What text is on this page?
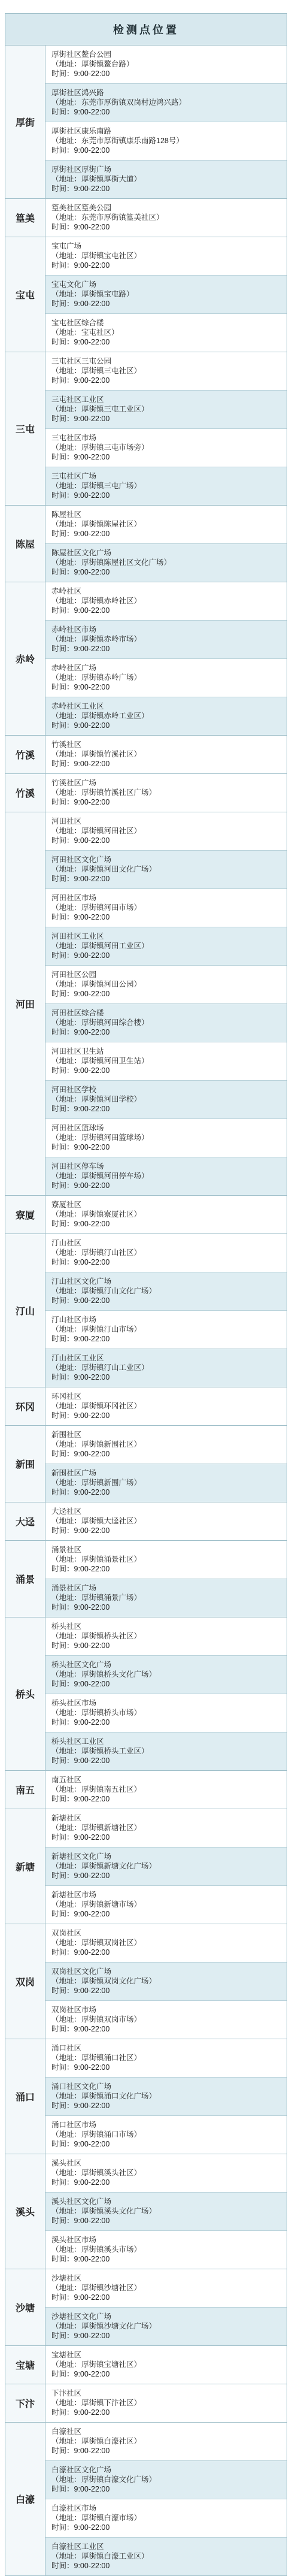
检测点位置
厚街

厚街社区鳌台公园

（地址：厚街镇鳌台路）

时间：9:00-22:00

厚街社区鸿兴路

（地址：东莞市厚街镇双岗村边鸿兴路）

时间：9:00-22:00

厚街社区康乐南路

（地址：东莞市厚街镇康乐南路128号）

时间：9:00-22:00

厚街社区厚街广场

（地址：厚街镇厚街大道）

时间：9:00-22:00

篁美

篁美社区篁美公园

（地址：东莞市厚街镇篁美社区）

时间：9:00-22:00

宝屯

宝屯广场

（地址：厚街镇宝屯社区）

时间：9:00-22:00

宝屯文化广场

（地址：厚街镇宝屯路）

时间：9:00-22:00

宝屯社区综合楼

（地址：宝屯社区）

时间：9:00-22:00

三屯

三屯社区三屯公园

（地址：厚街镇三屯社区）

时间：9:00-22:00

三屯社区工业区

（地址：厚街镇三屯工业区）

时间：9:00-22:00

三屯社区市场

（地址：厚街镇三屯市场旁）

时间：9:00-22:00

三屯社区广场

（地址：厚街镇三屯广场）

时间：9:00-22:00

陈屋

陈屋社区

（地址：厚街镇陈屋社区）

时间：9:00-22:00

陈屋社区文化广场

（地址：厚街镇陈屋社区文化广场）

时间：9:00-22:00

赤岭

赤岭社区

（地址：厚街镇赤岭社区）

时间：9:00-22:00

赤岭社区市场

（地址：厚街镇赤岭市场）

时间：9:00-22:00

赤岭社区广场

（地址：厚街镇赤岭广场）

时间：9:00-22:00

赤岭社区工业区

（地址：厚街镇赤岭工业区）

时间：9:00-22:00

竹溪

竹溪社区

（地址：厚街镇竹溪社区）

时间：9:00-22:00

竹溪

竹溪社区广场

（地址：厚街镇竹溪社区广场）

时间：9:00-22:00

河田

河田社区

（地址：厚街镇河田社区）

时间：9:00-22:00

河田社区文化广场

（地址：厚街镇河田文化广场）

时间：9:00-22:00

河田社区市场

（地址：厚街镇河田市场）

时间：9:00-22:00

河田社区工业区

（地址：厚街镇河田工业区）

时间：9:00-22:00

河田社区公园

（地址：厚街镇河田公园）

时间：9:00-22:00

河田社区综合楼

（地址：厚街镇河田综合楼）

时间：9:00-22:00

河田社区卫生站

（地址：厚街镇河田卫生站）

时间：9:00-22:00

河田社区学校

（地址：厚街镇河田学校）

时间：9:00-22:00

河田社区篮球场

（地址：厚街镇河田篮球场）

时间：9:00-22:00

河田社区停车场

（地址：厚街镇河田停车场）

时间：9:00-22:00

寮厦

寮厦社区

（地址：厚街镇寮厦社区）

时间：9:00-22:00

汀山

汀山社区

（地址：厚街镇汀山社区）

时间：9:00-22:00

汀山社区文化广场

（地址：厚街镇汀山文化广场）

时间：9:00-22:00

汀山社区市场

（地址：厚街镇汀山市场）

时间：9:00-22:00

汀山社区工业区

（地址：厚街镇汀山工业区）

时间：9:00-22:00

环冈

环冈社区

（地址：厚街镇环冈社区）

时间：9:00-22:00

新围

新围社区

（地址：厚街镇新围社区）

时间：9:00-22:00

新围社区广场

（地址：厚街镇新围广场）

时间：9:00-22:00

大迳

大迳社区

（地址：厚街镇大迳社区）

时间：9:00-22:00

涌景

涌景社区

（地址：厚街镇涌景社区）

时间：9:00-22:00

涌景社区广场

（地址：厚街镇涌景广场）

时间：9:00-22:00

桥头

桥头社区

（地址：厚街镇桥头社区）

时间：9:00-22:00

桥头社区文化广场

（地址：厚街镇桥头文化广场）

时间：9:00-22:00

桥头社区市场

（地址：厚街镇桥头市场）

时间：9:00-22:00

桥头社区工业区

（地址：厚街镇桥头工业区）

时间：9:00-22:00

南五

南五社区

（地址：厚街镇南五社区）

时间：9:00-22:00

新塘

新塘社区

（地址：厚街镇新塘社区）

时间：9:00-22:00

新塘社区文化广场

（地址：厚街镇新塘文化广场）

时间：9:00-22:00

新塘社区市场

（地址：厚街镇新塘市场）

时间：9:00-22:00

双岗

双岗社区

（地址：厚街镇双岗社区）

时间：9:00-22:00

双岗社区文化广场

（地址：厚街镇双岗文化广场）

时间：9:00-22:00

双岗社区市场

（地址：厚街镇双岗市场）

时间：9:00-22:00

涌口

涌口社区

（地址：厚街镇涌口社区）

时间：9:00-22:00

涌口社区文化广场

（地址：厚街镇涌口文化广场）

时间：9:00-22:00

涌口社区市场

（地址：厚街镇涌口市场）

时间：9:00-22:00

溪头

溪头社区

（地址：厚街镇溪头社区）

时间：9:00-22:00

溪头社区文化广场

（地址：厚街镇溪头文化广场）

时间：9:00-22:00

溪头社区市场

（地址：厚街镇溪头市场）

时间：9:00-22:00

沙塘

沙塘社区

（地址：厚街镇沙塘社区）

时间：9:00-22:00

沙塘社区文化广场

（地址：厚街镇沙塘文化广场）

时间：9:00-22:00

宝塘

宝塘社区

（地址：厚街镇宝塘社区）

时间：9:00-22:00

下汴

下汴社区

（地址：厚街镇下汴社区）

时间：9:00-22:00

白濠

白濠社区

（地址：厚街镇白濠社区）

时间：9:00-22:00

白濠社区文化广场

（地址：厚街镇白濠文化广场）

时间：9:00-22:00

白濠社区市场

（地址：厚街镇白濠市场）

时间：9:00-22:00

白濠社区工业区

（地址：厚街镇白濠工业区）

时间：9:00-22:00
